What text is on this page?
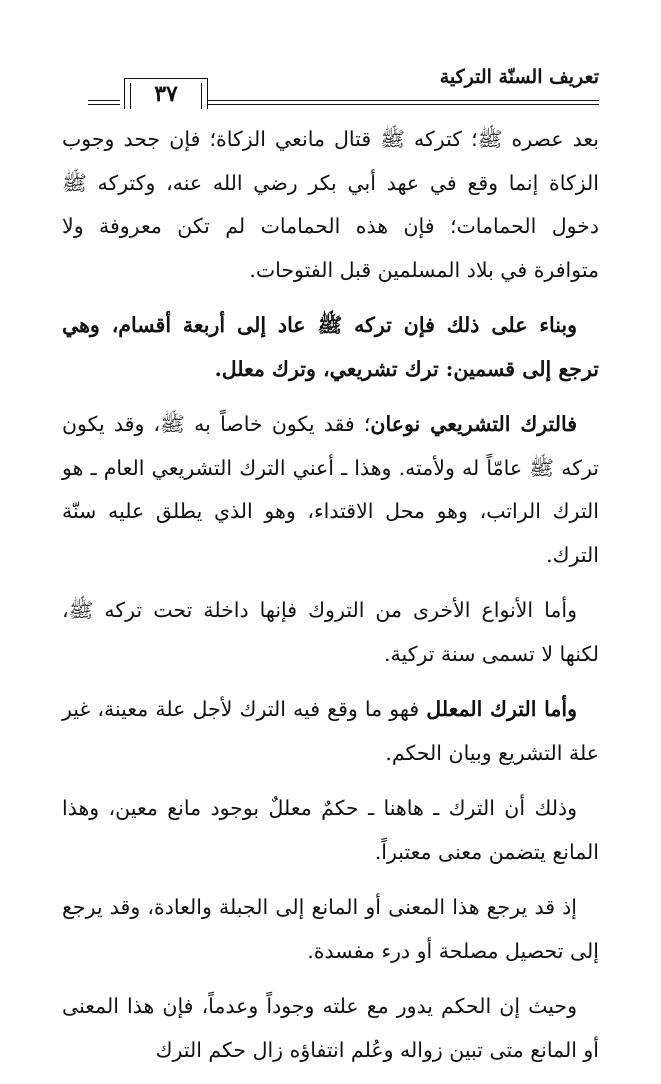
تعريف السنّة التركية
٣٧

بعد عصره ﷺ؛ كتركه ﷺ قتال مانعي الزكاة؛ فإن جحد وجوب الزكاة إنما وقع في عهد أبي بكر رضي الله عنه، وكتركه ﷺ دخول الحمامات؛ فإن هذه الحمامات لم تكن معروفة ولا متوافرة في بلاد المسلمين قبل الفتوحات.

وبناء على ذلك فإن تركه ﷺ عاد إلى أربعة أقسام، وهي ترجع إلى قسمين: ترك تشريعي، وترك معلل.

فالترك التشريعي نوعان؛ فقد يكون خاصاً به ﷺ، وقد يكون تركه ﷺ عامّاً له ولأمته. وهذا ـ أعني الترك التشريعي العام ـ هو الترك الراتب، وهو محل الاقتداء، وهو الذي يطلق عليه سنّة الترك.

وأما الأنواع الأخرى من التروك فإنها داخلة تحت تركه ﷺ، لكنها لا تسمى سنة تركية.

وأما الترك المعلل فهو ما وقع فيه الترك لأجل علة معينة، غير علة التشريع وبيان الحكم.

وذلك أن الترك ـ هاهنا ـ حكمٌ معللٌ بوجود مانع معين، وهذا المانع يتضمن معنى معتبراً.

إذ قد يرجع هذا المعنى أو المانع إلى الجبلة والعادة، وقد يرجع إلى تحصيل مصلحة أو درء مفسدة.

وحيث إن الحكم يدور مع علته وجوداً وعدماً، فإن هذا المعنى أو المانع متى تبين زواله وعُلم انتفاؤه زال حكم الترك
